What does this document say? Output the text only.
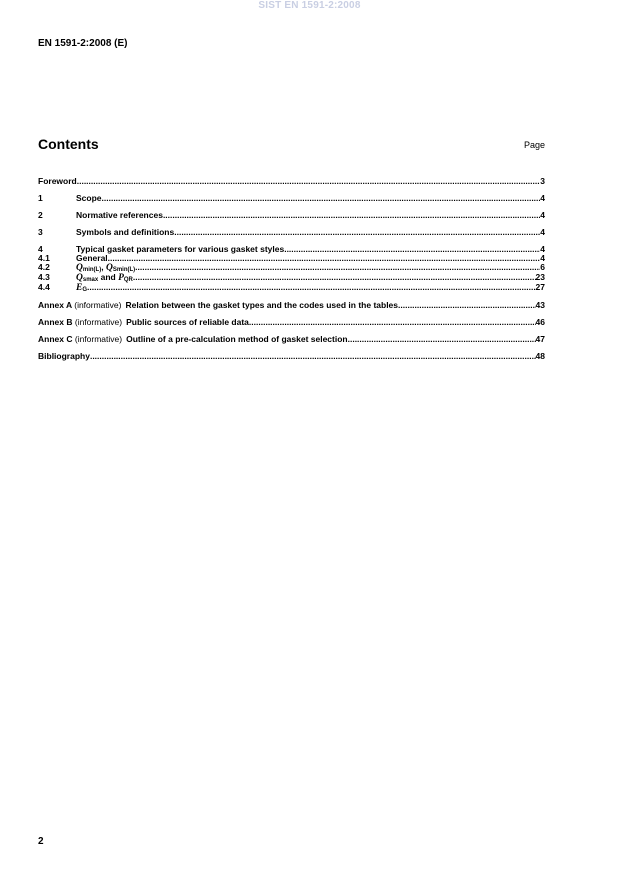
SIST EN 1591-2:2008
EN 1591-2:2008 (E)
Contents	Page
Foreword .....	3
1	Scope .....	4
2	Normative references .....	4
3	Symbols and definitions .....	4
4	Typical gasket parameters for various gasket styles .....	4
4.1	General .....	4
4.2	Qmin(L), QSmin(L) .....	6
4.3	Qsmax and PQR .....	23
4.4	EG .....	27
Annex A (informative) Relation between the gasket types and the codes used in the tables .....	43
Annex B (informative) Public sources of reliable data .....	46
Annex C (informative) Outline of a pre-calculation method of gasket selection .....	47
Bibliography .....	48
2
